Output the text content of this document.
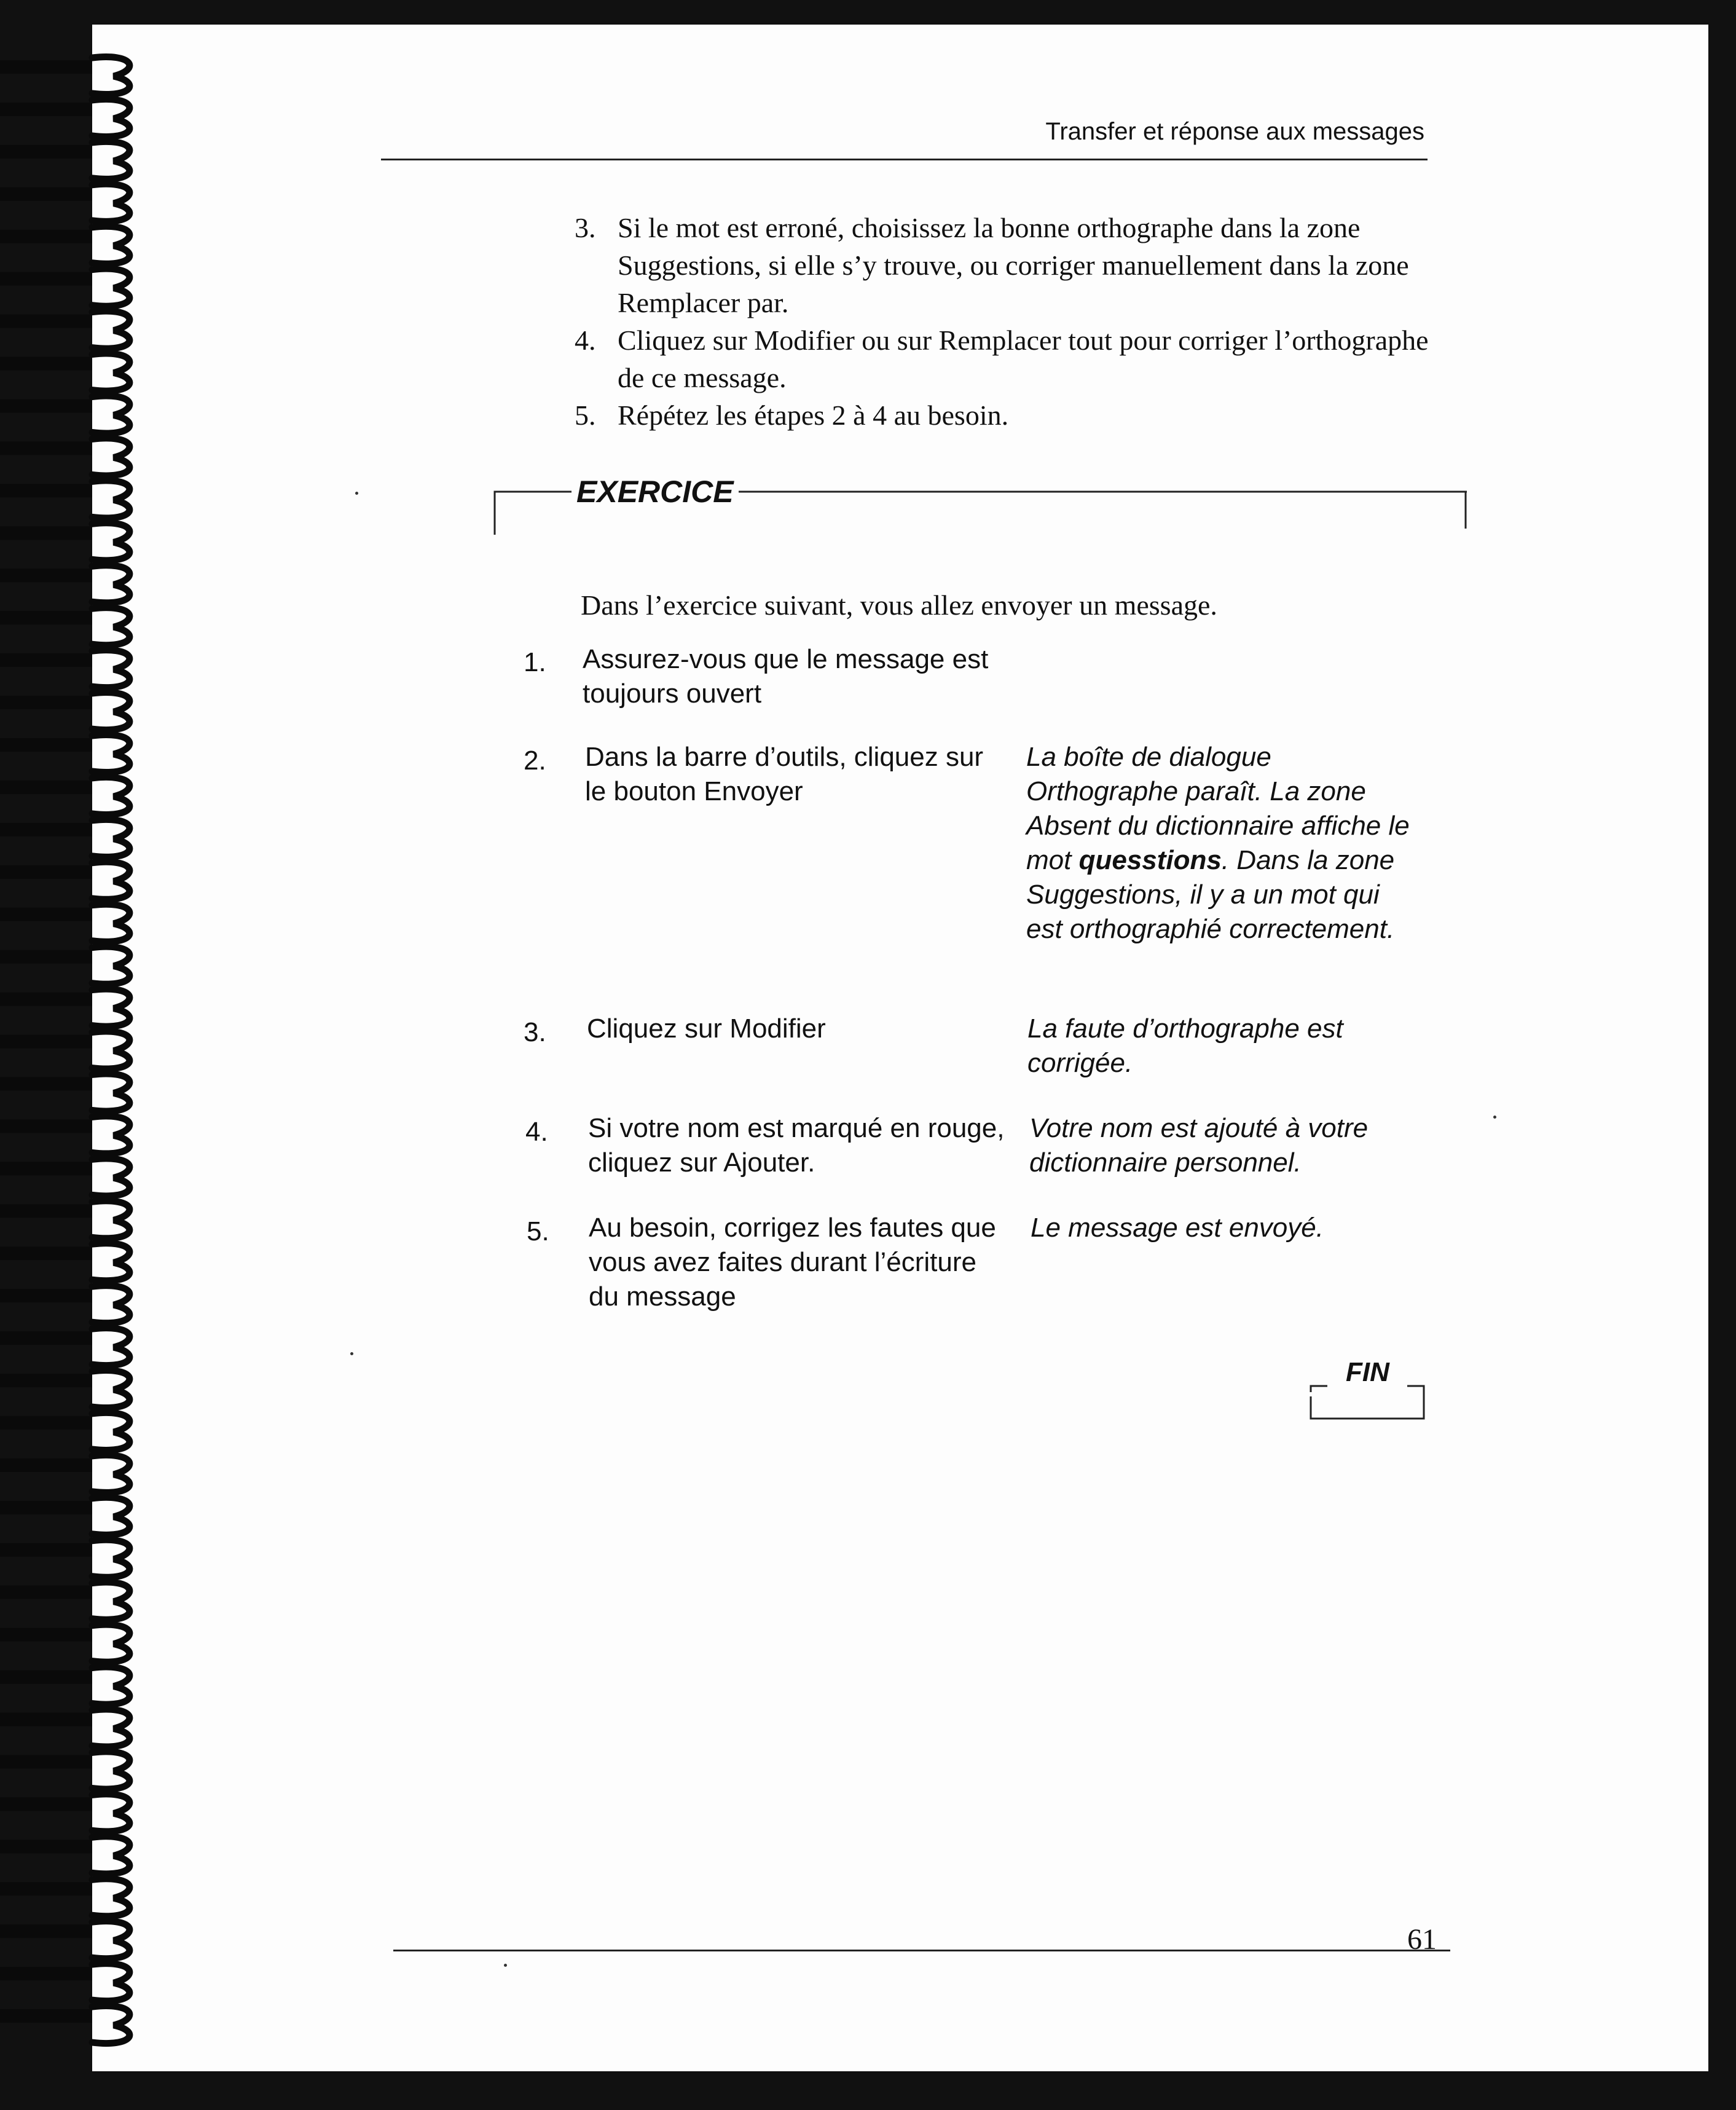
Transfer et réponse aux messages
3. Si le mot est erroné, choisissez la bonne orthographe dans la zone Suggestions, si elle s’y trouve, ou corriger manuellement dans la zone Remplacer par.
4. Cliquez sur Modifier ou sur Remplacer tout pour corriger l’orthographe de ce message.
5. Répétez les étapes 2 à 4 au besoin.
EXERCICE
Dans l’exercice suivant, vous allez envoyer un message.
1. Assurez-vous que le message est toujours ouvert
2. Dans la barre d’outils, cliquez sur le bouton Envoyer
La boîte de dialogue Orthographe paraît. La zone Absent du dictionnaire affiche le mot quesstions. Dans la zone Suggestions, il y a un mot qui est orthographié correctement.
3. Cliquez sur Modifier	La faute d’orthographe est corrigée.
4. Si votre nom est marqué en rouge, cliquez sur Ajouter.
Votre nom est ajouté à votre dictionnaire personnel.
5. Au besoin, corrigez les fautes que vous avez faites durant l’écriture du message
Le message est envoyé.
FIN
61
